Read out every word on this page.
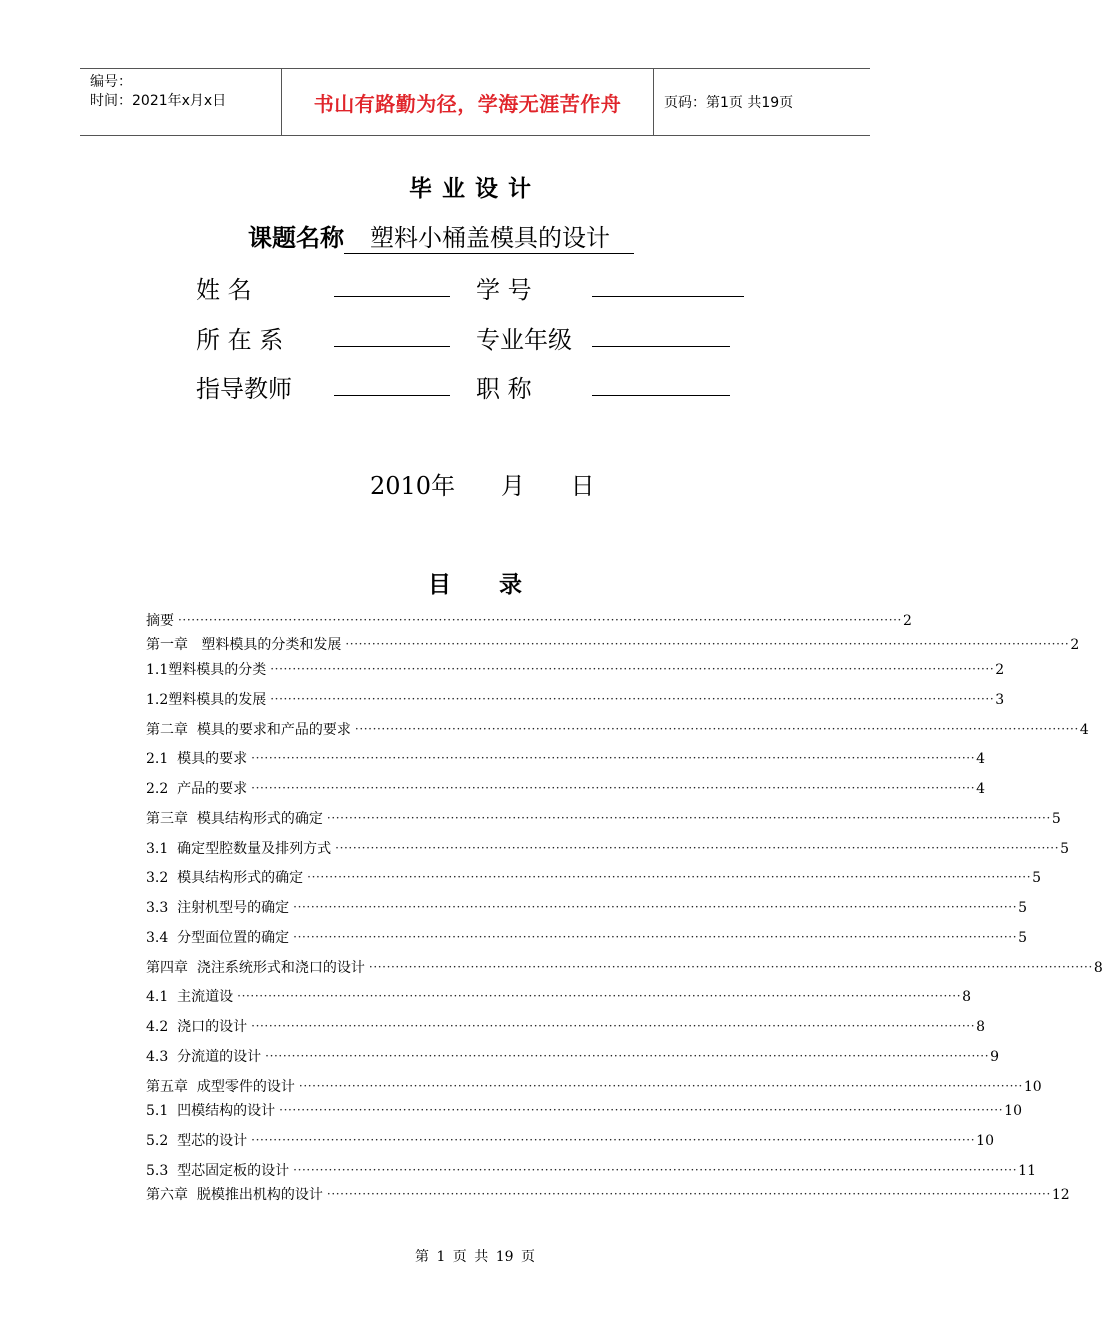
编号：
时间：2021年x月x日	书山有路勤为径，学海无涯苦作舟	页码：第1页 共19页
毕业设计
课题名称 塑料小桶盖模具的设计
姓 名	学 号
所 在 系	专业年级
指导教师	职 称
2010年      月      日
目 录
摘要 ···································································································································································· 2
第一章   塑料模具的分类和发展 ···································································································································································· 2
1.1塑料模具的分类 ···································································································································································· 2
1.2塑料模具的发展 ···································································································································································· 3
第二章  模具的要求和产品的要求 ···································································································································································· 4
2.1  模具的要求 ···································································································································································· 4
2.2  产品的要求 ···································································································································································· 4
第三章  模具结构形式的确定 ···································································································································································· 5
3.1  确定型腔数量及排列方式 ···································································································································································· 5
3.2  模具结构形式的确定 ···································································································································································· 5
3.3  注射机型号的确定 ···································································································································································· 5
3.4  分型面位置的确定 ···································································································································································· 5
第四章  浇注系统形式和浇口的设计 ···································································································································································· 8
4.1  主流道设 ···································································································································································· 8
4.2  浇口的设计 ···································································································································································· 8
4.3  分流道的设计 ···································································································································································· 9
第五章  成型零件的设计 ···································································································································································· 10
5.1  凹模结构的设计 ···································································································································································· 10
5.2  型芯的设计 ···································································································································································· 10
5.3  型芯固定板的设计 ···································································································································································· 11
第六章  脱模推出机构的设计 ···································································································································································· 12
第 1 页 共 19 页
